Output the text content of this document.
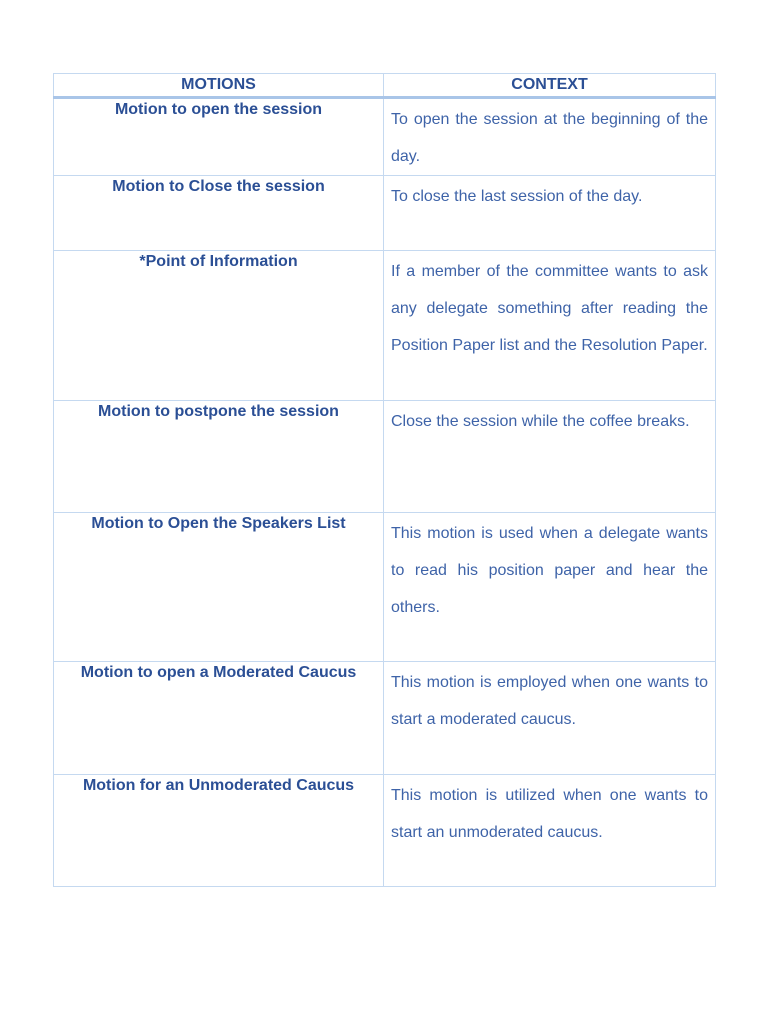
MOTIONS	CONTEXT

Motion to open the session	To open the session at the beginning of the day.

Motion to Close the session	To close the last session of the day.

*Point of Information	If a member of the committee wants to ask any delegate something after reading the Position Paper list and the Resolution Paper.

Motion to postpone the session	Close the session while the coffee breaks.

Motion to Open the Speakers List	This motion is used when a delegate wants to read his position paper and hear the others.

Motion to open a Moderated Caucus	This motion is employed when one wants to start a moderated caucus.

Motion for an Unmoderated Caucus	This motion is utilized when one wants to start an unmoderated caucus.
